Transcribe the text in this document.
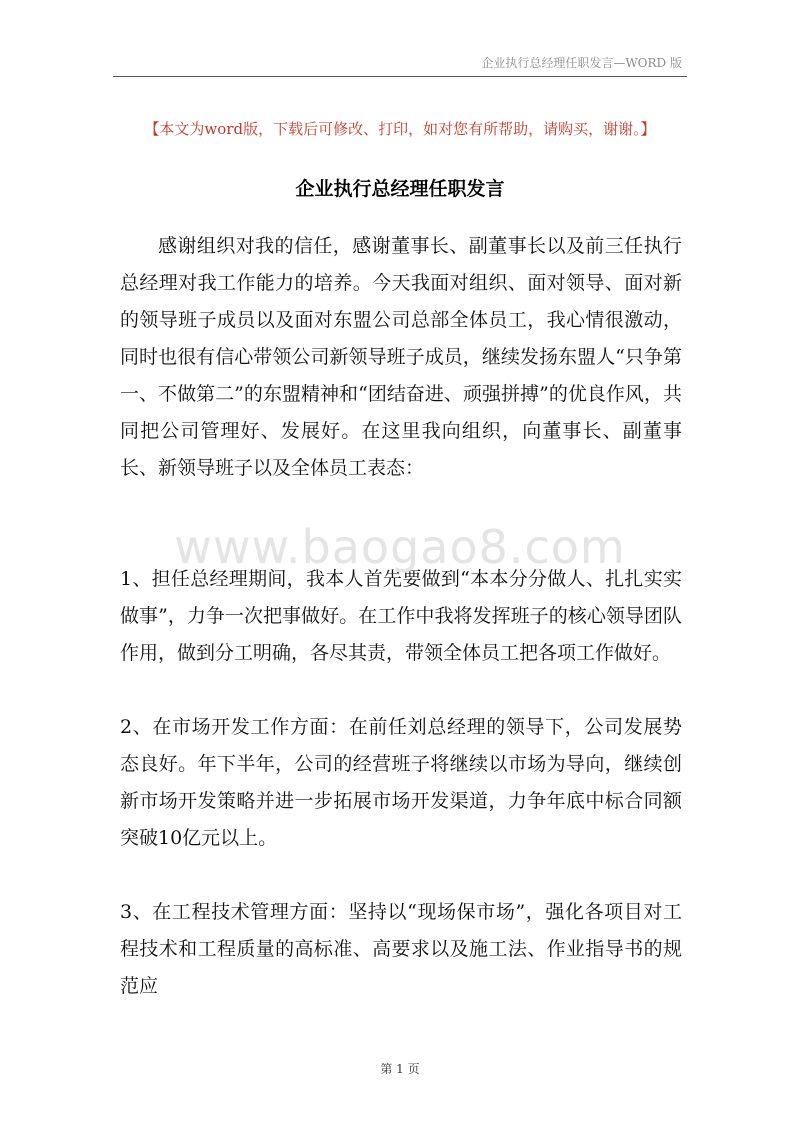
企业执行总经理任职发言—WORD 版
【本文为word版，下载后可修改、打印，如对您有所帮助，请购买，谢谢。】
企业执行总经理任职发言

感谢组织对我的信任，感谢董事长、副董事长以及前三任执行总经理对我工作能力的培养。今天我面对组织、面对领导、面对新的领导班子成员以及面对东盟公司总部全体员工，我心情很激动，同时也很有信心带领公司新领导班子成员，继续发扬东盟人“只争第一、不做第二”的东盟精神和“团结奋进、顽强拼搏”的优良作风，共同把公司管理好、发展好。在这里我向组织，向董事长、副董事长、新领导班子以及全体员工表态：

1、担任总经理期间，我本人首先要做到“本本分分做人、扎扎实实做事”，力争一次把事做好。在工作中我将发挥班子的核心领导团队作用，做到分工明确，各尽其责，带领全体员工把各项工作做好。

2、在市场开发工作方面：在前任刘总经理的领导下，公司发展势态良好。年下半年，公司的经营班子将继续以市场为导向，继续创新市场开发策略并进一步拓展市场开发渠道，力争年底中标合同额突破10亿元以上。

3、在工程技术管理方面：坚持以“现场保市场”，强化各项目对工程技术和工程质量的高标准、高要求以及施工法、作业指导书的规范应

www.baogao8.com
第 1 页
